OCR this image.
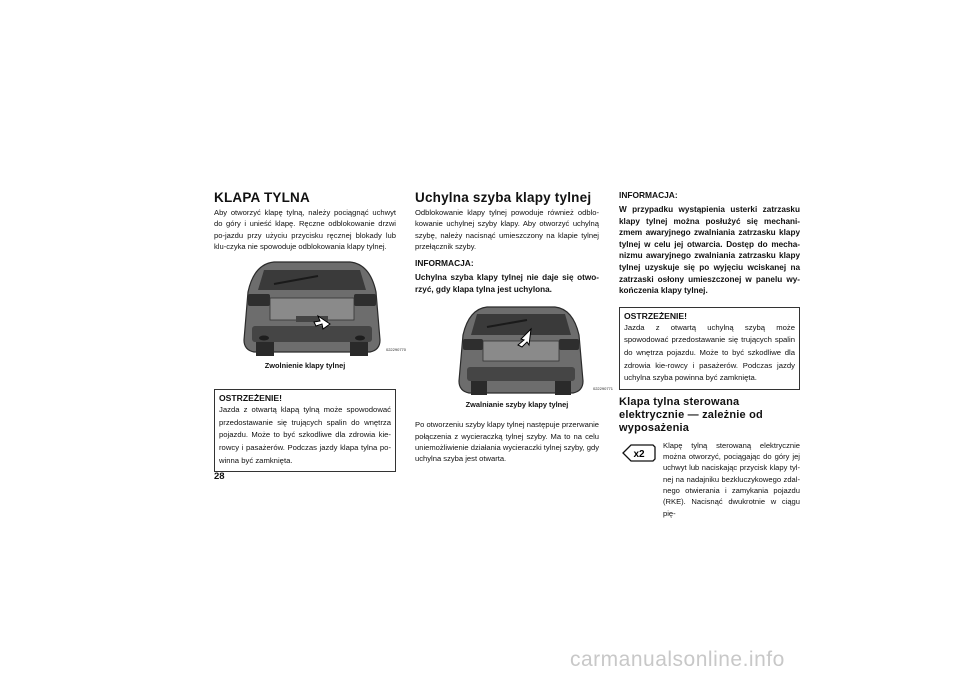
KLAPA TYLNA

Aby otworzyć klapę tylną, należy pociągnąć uchwyt do góry i unieść klapę. Ręczne odblokowanie drzwi po-jazdu przy użyciu przycisku ręcznej blokady lub klu-czyka nie spowoduje odblokowania klapy tylnej.

022290770
Zwolnienie klapy tylnej
OSTRZEŻENIE!
Jazda z otwartą klapą tylną może spowodować przedostawanie się trujących spalin do wnętrza pojazdu. Może to być szkodliwe dla zdrowia kie-rowcy i pasażerów. Podczas jazdy klapa tylna po-winna być zamknięta.
Uchylna szyba klapy tylnej

Odblokowanie klapy tylnej powoduje również odblo-kowanie uchylnej szyby klapy. Aby otworzyć uchylną szybę, należy nacisnąć umieszczony na klapie tylnej przełącznik szyby.

INFORMACJA:

Uchylna szyba klapy tylnej nie daje się otwo-rzyć, gdy klapa tylna jest uchylona.

022290771
Zwalnianie szyby klapy tylnej

Po otworzeniu szyby klapy tylnej następuje przerwanie połączenia z wycieraczką tylnej szyby. Ma to na celu uniemożliwienie działania wycieraczki tylnej szyby, gdy uchylna szyba jest otwarta.

INFORMACJA:

W przypadku wystąpienia usterki zatrzasku klapy tylnej można posłużyć się mechani-zmem awaryjnego zwalniania zatrzasku klapy tylnej w celu jej otwarcia. Dostęp do mecha-nizmu awaryjnego zwalniania zatrzasku klapy tylnej uzyskuje się po wyjęciu wciskanej na zatrzaski osłony umieszczonej w panelu wy-kończenia klapy tylnej.

OSTRZEŻENIE!
Jazda z otwartą uchylną szybą może spowodować przedostawanie się trujących spalin do wnętrza pojazdu. Może to być szkodliwe dla zdrowia kie-rowcy i pasażerów. Podczas jazdy uchylna szyba powinna być zamknięta.
Klapa tylna sterowana elektrycznie — zależnie od wyposażenia
x2

Klapę tylną sterowaną elektrycznie można otworzyć, pociągając do góry jej uchwyt lub naciskając przycisk klapy tyl-nej na nadajniku bezkluczykowego zdal-nego otwierania i zamykania pojazdu (RKE). Nacisnąć dwukrotnie w ciągu pię-

28
carmanualsonline.info
